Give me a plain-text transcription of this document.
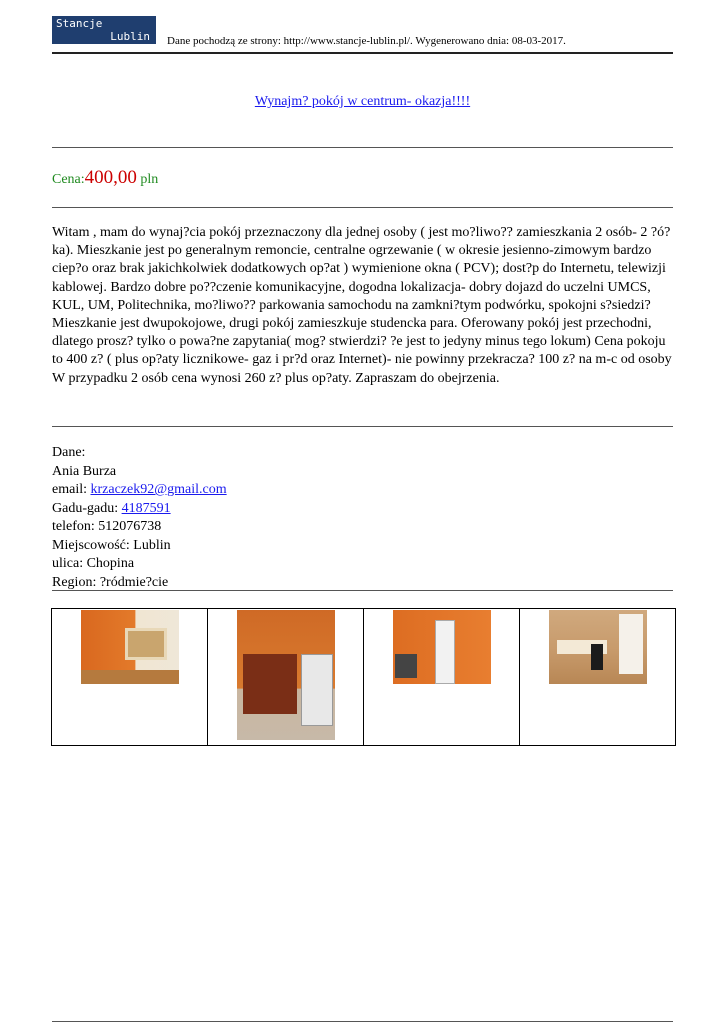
Stancje
Lublin Dane pochodzą ze strony: http://www.stancje-lublin.pl/. Wygenerowano dnia: 08-03-2017.
Wynajm? pokój w centrum- okazja!!!!
Cena:400,00 pln
Witam , mam do wynaj?cia pokój przeznaczony dla jednej osoby ( jest mo?liwo?? zamieszkania 2 osób- 2 ?ó?ka). Mieszkanie jest po generalnym remoncie, centralne ogrzewanie ( w okresie jesienno-zimowym bardzo ciep?o oraz brak jakichkolwiek dodatkowych op?at ) wymienione okna ( PCV); dost?p do Internetu, telewizji kablowej. Bardzo dobre po??czenie komunikacyjne, dogodna lokalizacja- dobry dojazd do uczelni UMCS, KUL, UM, Politechnika, mo?liwo?? parkowania samochodu na zamkni?tym podwórku, spokojni s?siedzi? Mieszkanie jest dwupokojowe, drugi pokój zamieszkuje studencka para. Oferowany pokój jest przechodni, dlatego prosz? tylko o powa?ne zapytania( mog? stwierdzi? ?e jest to jedyny minus tego lokum) Cena pokoju to 400 z? ( plus op?aty licznikowe- gaz i pr?d oraz Internet)- nie powinny przekracza? 100 z? na m-c od osoby W przypadku 2 osób cena wynosi 260 z? plus op?aty. Zapraszam do obejrzenia.
Dane:
Ania Burza
email: krzaczek92@gmail.com
Gadu-gadu: 4187591
telefon: 512076738
Miejscowość: Lublin
ulica: Chopina
Region: ?ródmie?cie
